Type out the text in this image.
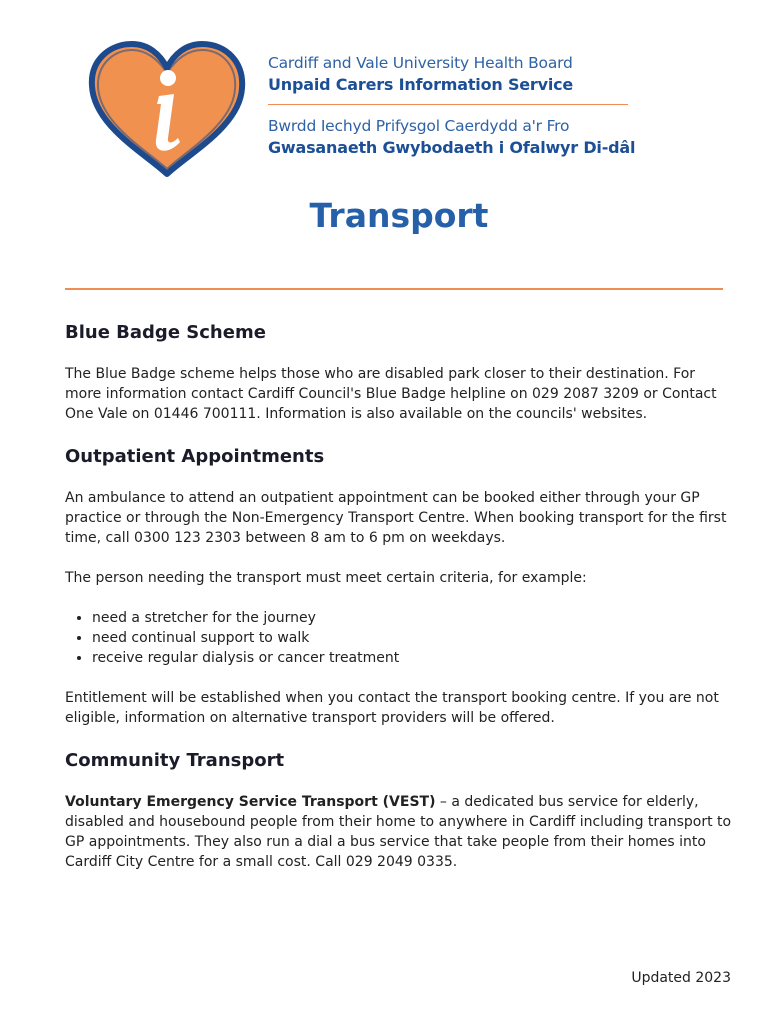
Cardiff and Vale University Health Board

Unpaid Carers Information Service

Bwrdd Iechyd Prifysgol Caerdydd a'r Fro

Gwasanaeth Gwybodaeth i Ofalwyr Di-dâl

Transport
Blue Badge Scheme

The Blue Badge scheme helps those who are disabled park closer to their destination. For more information contact Cardiff Council's Blue Badge helpline on 029 2087 3209 or Contact One Vale on 01446 700111. Information is also available on the councils' websites.

Outpatient Appointments

An ambulance to attend an outpatient appointment can be booked either through your GP practice or through the Non-Emergency Transport Centre. When booking transport for the first time, call 0300 123 2303 between 8 am to 6 pm on weekdays.

The person needing the transport must meet certain criteria, for example:

• need a stretcher for the journey
• need continual support to walk
• receive regular dialysis or cancer treatment

Entitlement will be established when you contact the transport booking centre. If you are not eligible, information on alternative transport providers will be offered.

Community Transport

Voluntary Emergency Service Transport (VEST) – a dedicated bus service for elderly, disabled and housebound people from their home to anywhere in Cardiff including transport to GP appointments. They also run a dial a bus service that take people from their homes into Cardiff City Centre for a small cost. Call 029 2049 0335.

Updated 2023
